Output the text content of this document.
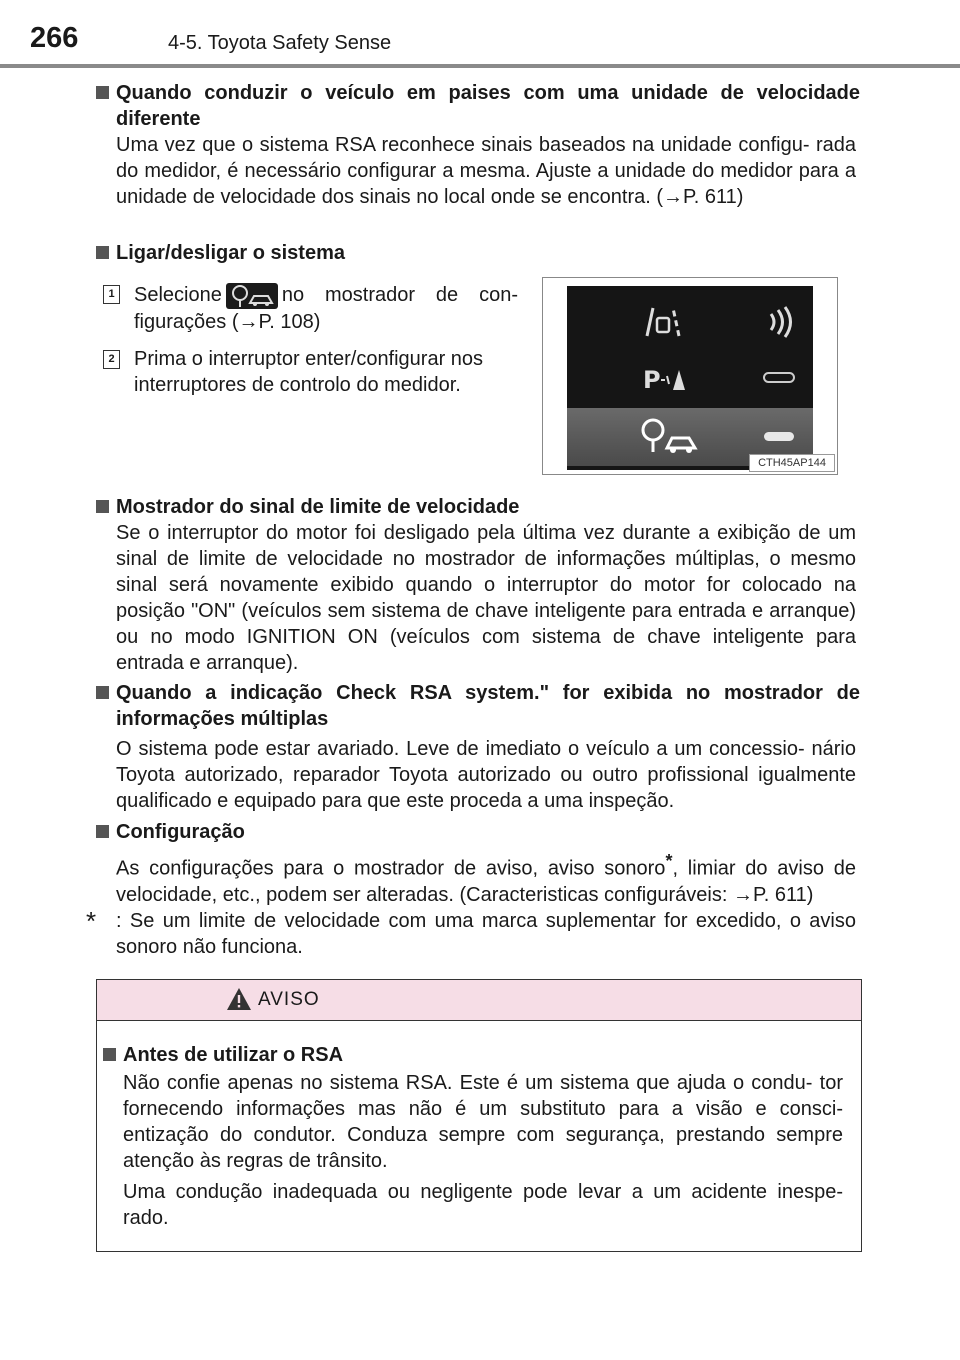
266	4-5. Toyota Safety Sense
Quando conduzir o veículo em paises com uma unidade de velocidade diferente
Uma vez que o sistema RSA reconhece sinais baseados na unidade configu- rada do medidor, é necessário configurar a mesma. Ajuste a unidade do medidor para a unidade de velocidade dos sinais no local onde se encontra. (→P. 611)
Ligar/desligar o sistema
1 Selecione	no mostrador de con- figurações (→P. 108)
2 Prima o interruptor enter/configurar nos interruptores de controlo do medidor.	P
CTH45AP144
Mostrador do sinal de limite de velocidade
Se o interruptor do motor foi desligado pela última vez durante a exibição de um sinal de limite de velocidade no mostrador de informações múltiplas, o mesmo sinal será novamente exibido quando o interruptor do motor for colocado na posição "ON" (veículos sem sistema de chave inteligente para entrada e arranque) ou no modo IGNITION ON (veículos com sistema de chave inteligente para entrada e arranque).
Quando a indicação Check RSA system." for exibida no mostrador de informações múltiplas
O sistema pode estar avariado. Leve de imediato o veículo a um concessio- nário Toyota autorizado, reparador Toyota autorizado ou outro profissional igualmente qualificado e equipado para que este proceda a uma inspeção.
Configuração
As configurações para o mostrador de aviso, aviso sonoro*, limiar do aviso de velocidade, etc., podem ser alteradas. (Caracteristicas configuráveis: →P. 611)
* : Se um limite de velocidade com uma marca suplementar for excedido, o aviso sonoro não funciona.
AVISO
Antes de utilizar o RSA
Não confie apenas no sistema RSA. Este é um sistema que ajuda o condu- tor fornecendo informações mas não é um substituto para a visão e consci- entização do condutor. Conduza sempre com segurança, prestando sempre atenção às regras de trânsito.
Uma condução inadequada ou negligente pode levar a um acidente inespe- rado.
